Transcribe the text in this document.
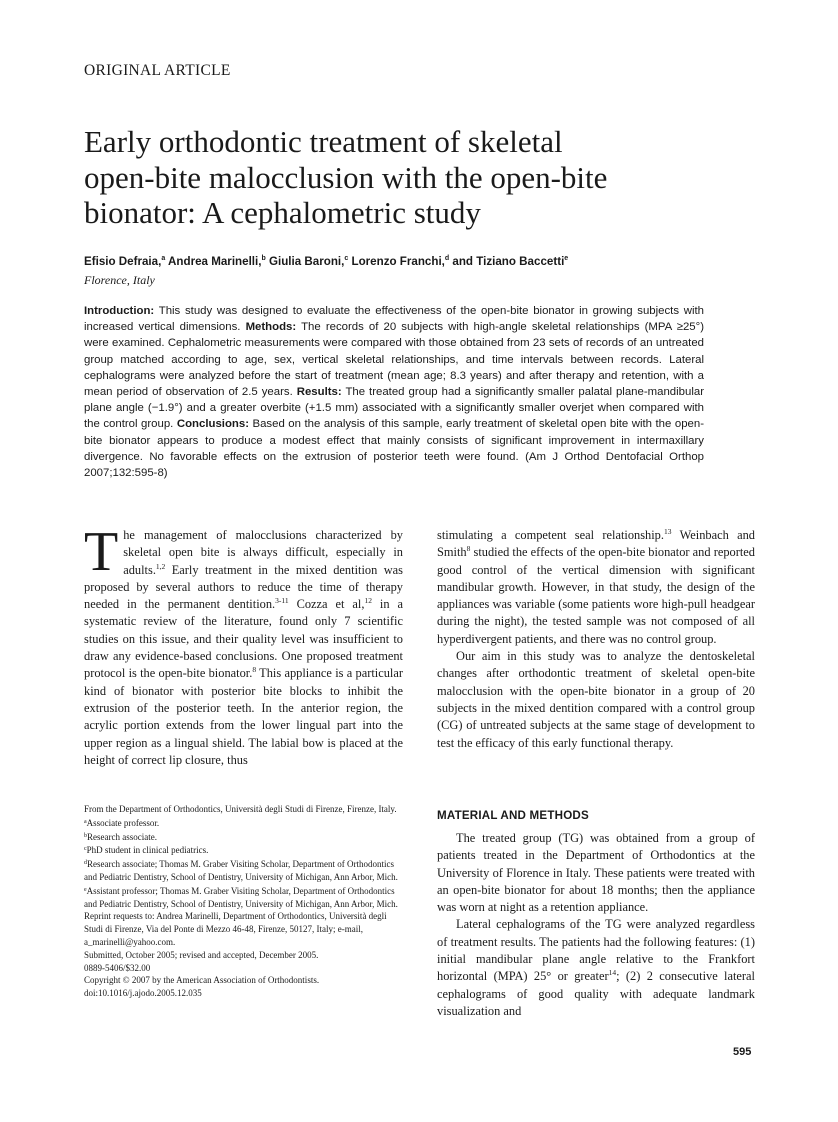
ORIGINAL ARTICLE
Early orthodontic treatment of skeletal
open-bite malocclusion with the open-bite
bionator: A cephalometric study
Efisio Defraia,$^a$ Andrea Marinelli,$^b$ Giulia Baroni,$^c$ Lorenzo Franchi,$^d$ and Tiziano Baccetti$^e$
Florence, Italy
Introduction: This study was designed to evaluate the effectiveness of the open-bite bionator in growing subjects with increased vertical dimensions. Methods: The records of 20 subjects with high-angle skeletal relationships (MPA ≥25°) were examined. Cephalometric measurements were compared with those obtained from 23 sets of records of an untreated group matched according to age, sex, vertical skeletal relationships, and time intervals between records. Lateral cephalograms were analyzed before the start of treatment (mean age; 8.3 years) and after therapy and retention, with a mean period of observation of 2.5 years. Results: The treated group had a significantly smaller palatal plane-mandibular plane angle (−1.9°) and a greater overbite (+1.5 mm) associated with a significantly smaller overjet when compared with the control group. Conclusions: Based on the analysis of this sample, early treatment of skeletal open bite with the open-bite bionator appears to produce a modest effect that mainly consists of significant improvement in intermaxillary divergence. No favorable effects on the extrusion of posterior teeth were found. (Am J Orthod Dentofacial Orthop 2007;132:595-8)

The management of malocclusions characterized by skeletal open bite is always difficult, especially in adults.$^{1,2}$ Early treatment in the mixed dentition was proposed by several authors to reduce the time of therapy needed in the permanent dentition.$^{3-11}$ Cozza et al,$^{12}$ in a systematic review of the literature, found only 7 scientific studies on this issue, and their quality level was insufficient to draw any evidence-based conclusions. One proposed treatment protocol is the open-bite bionator.$^8$ This appliance is a particular kind of bionator with posterior bite blocks to inhibit the extrusion of the posterior teeth. In the anterior region, the acrylic portion extends from the lower lingual part into the upper region as a lingual shield. The labial bow is placed at the height of correct lip closure, thus

From the Department of Orthodontics, Università degli Studi di Firenze, Firenze, Italy.
$^a$Associate professor.
$^b$Research associate.
$^c$PhD student in clinical pediatrics.
$^d$Research associate; Thomas M. Graber Visiting Scholar, Department of Orthodontics and Pediatric Dentistry, School of Dentistry, University of Michigan, Ann Arbor, Mich.
$^e$Assistant professor; Thomas M. Graber Visiting Scholar, Department of Orthodontics and Pediatric Dentistry, School of Dentistry, University of Michigan, Ann Arbor, Mich.
Reprint requests to: Andrea Marinelli, Department of Orthodontics, Università degli Studi di Firenze, Via del Ponte di Mezzo 46-48, Firenze, 50127, Italy; e-mail, a_marinelli@yahoo.com.
Submitted, October 2005; revised and accepted, December 2005.
0889-5406/$32.00
Copyright © 2007 by the American Association of Orthodontists.
doi:10.1016/j.ajodo.2005.12.035

stimulating a competent seal relationship.$^{13}$ Weinbach and Smith$^8$ studied the effects of the open-bite bionator and reported good control of the vertical dimension with significant mandibular growth. However, in that study, the design of the appliances was variable (some patients wore high-pull headgear during the night), the tested sample was not composed of all hyperdivergent patients, and there was no control group.

Our aim in this study was to analyze the dentoskeletal changes after orthodontic treatment of skeletal open-bite malocclusion with the open-bite bionator in a group of 20 subjects in the mixed dentition compared with a control group (CG) of untreated subjects at the same stage of development to test the efficacy of this early functional therapy.

MATERIAL AND METHODS

The treated group (TG) was obtained from a group of patients treated in the Department of Orthodontics at the University of Florence in Italy. These patients were treated with an open-bite bionator for about 18 months; then the appliance was worn at night as a retention appliance.

Lateral cephalograms of the TG were analyzed regardless of treatment results. The patients had the following features: (1) initial mandibular plane angle relative to the Frankfort horizontal (MPA) 25° or greater$^{14}$; (2) 2 consecutive lateral cephalograms of good quality with adequate landmark visualization and

595
